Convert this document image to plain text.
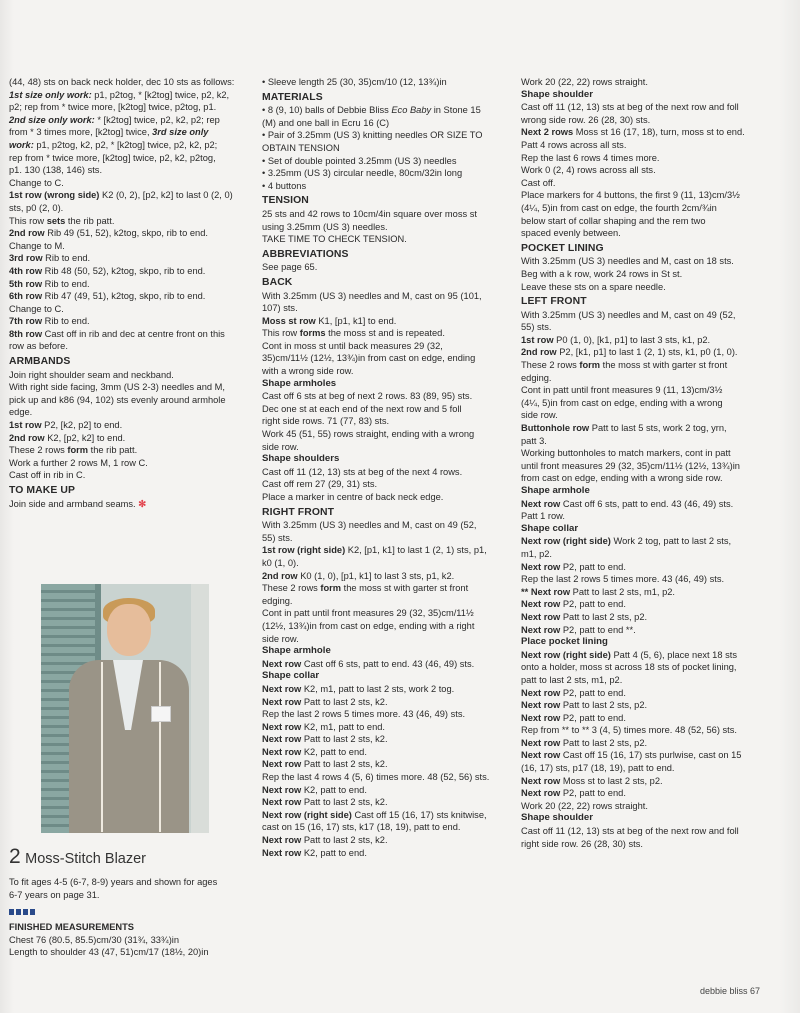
(44, 48) sts on back neck holder, dec 10 sts as follows:

1st size only work: p1, p2tog, * [k2tog] twice, p2, k2,

p2; rep from * twice more, [k2tog] twice, p2tog, p1.

2nd size only work: * [k2tog] twice, p2, k2, p2; rep

from * 3 times more, [k2tog] twice, 3rd size only

work: p1, p2tog, k2, p2, * [k2tog] twice, p2, k2, p2;

rep from * twice more, [k2tog] twice, p2, k2, p2tog,

p1. 130 (138, 146) sts.

Change to C.

1st row (wrong side) K2 (0, 2), [p2, k2] to last 0 (2, 0)

sts, p0 (2, 0).

This row sets the rib patt.

2nd row Rib 49 (51, 52), k2tog, skpo, rib to end.

Change to M.

3rd row Rib to end.

4th row Rib 48 (50, 52), k2tog, skpo, rib to end.

5th row Rib to end.

6th row Rib 47 (49, 51), k2tog, skpo, rib to end.

Change to C.

7th row Rib to end.

8th row Cast off in rib and dec at centre front on this

row as before.

ARMBANDS

Join right shoulder seam and neckband.

With right side facing, 3mm (US 2-3) needles and M,

pick up and k86 (94, 102) sts evenly around armhole

edge.

1st row P2, [k2, p2] to end.

2nd row K2, [p2, k2] to end.

These 2 rows form the rib patt.

Work a further 2 rows M, 1 row C.

Cast off in rib in C.

TO MAKE UP

Join side and armband seams. ✻

2 Moss-Stitch Blazer

To fit ages 4-5 (6-7, 8-9) years and shown for ages

6-7 years on page 31.

FINISHED MEASUREMENTS

Chest 76 (80.5, 85.5)cm/30 (31¾, 33¾)in

Length to shoulder 43 (47, 51)cm/17 (18½, 20)in

• Sleeve length 25 (30, 35)cm/10 (12, 13¾)in

MATERIALS

• 8 (9, 10) balls of Debbie Bliss Eco Baby in Stone 15

(M) and one ball in Ecru 16 (C)

• Pair of 3.25mm (US 3) knitting needles OR SIZE TO

OBTAIN TENSION

• Set of double pointed 3.25mm (US 3) needles

• 3.25mm (US 3) circular needle, 80cm/32in long

• 4 buttons

TENSION

25 sts and 42 rows to 10cm/4in square over moss st

using 3.25mm (US 3) needles.

TAKE TIME TO CHECK TENSION.

ABBREVIATIONS

See page 65.

BACK

With 3.25mm (US 3) needles and M, cast on 95 (101,

107) sts.

Moss st row K1, [p1, k1] to end.

This row forms the moss st and is repeated.

Cont in moss st until back measures 29 (32,

35)cm/11½ (12½, 13¾)in from cast on edge, ending

with a wrong side row.

Shape armholes

Cast off 6 sts at beg of next 2 rows. 83 (89, 95) sts.

Dec one st at each end of the next row and 5 foll

right side rows. 71 (77, 83) sts.

Work 45 (51, 55) rows straight, ending with a wrong

side row.

Shape shoulders

Cast off 11 (12, 13) sts at beg of the next 4 rows.

Cast off rem 27 (29, 31) sts.

Place a marker in centre of back neck edge.

RIGHT FRONT

With 3.25mm (US 3) needles and M, cast on 49 (52,

55) sts.

1st row (right side) K2, [p1, k1] to last 1 (2, 1) sts, p1,

k0 (1, 0).

2nd row K0 (1, 0), [p1, k1] to last 3 sts, p1, k2.

These 2 rows form the moss st with garter st front

edging.

Cont in patt until front measures 29 (32, 35)cm/11½

(12½, 13¾)in from cast on edge, ending with a right

side row.

Shape armhole

Next row Cast off 6 sts, patt to end. 43 (46, 49) sts.

Shape collar

Next row K2, m1, patt to last 2 sts, work 2 tog.

Next row Patt to last 2 sts, k2.

Rep the last 2 rows 5 times more. 43 (46, 49) sts.

Next row K2, m1, patt to end.

Next row Patt to last 2 sts, k2.

Next row K2, patt to end.

Next row Patt to last 2 sts, k2.

Rep the last 4 rows 4 (5, 6) times more. 48 (52, 56) sts.

Next row K2, patt to end.

Next row Patt to last 2 sts, k2.

Next row (right side) Cast off 15 (16, 17) sts knitwise,

cast on 15 (16, 17) sts, k17 (18, 19), patt to end.

Next row Patt to last 2 sts, k2.

Next row K2, patt to end.

Work 20 (22, 22) rows straight.

Shape shoulder

Cast off 11 (12, 13) sts at beg of the next row and foll

wrong side row. 26 (28, 30) sts.

Next 2 rows Moss st 16 (17, 18), turn, moss st to end.

Patt 4 rows across all sts.

Rep the last 6 rows 4 times more.

Work 0 (2, 4) rows across all sts.

Cast off.

Place markers for 4 buttons, the first 9 (11, 13)cm/3½

(4¼, 5)in from cast on edge, the fourth 2cm/¾in

below start of collar shaping and the rem two

spaced evenly between.

POCKET LINING

With 3.25mm (US 3) needles and M, cast on 18 sts.

Beg with a k row, work 24 rows in St st.

Leave these sts on a spare needle.

LEFT FRONT

With 3.25mm (US 3) needles and M, cast on 49 (52,

55) sts.

1st row P0 (1, 0), [k1, p1] to last 3 sts, k1, p2.

2nd row P2, [k1, p1] to last 1 (2, 1) sts, k1, p0 (1, 0).

These 2 rows form the moss st with garter st front

edging.

Cont in patt until front measures 9 (11, 13)cm/3½

(4¼, 5)in from cast on edge, ending with a wrong

side row.

Buttonhole row Patt to last 5 sts, work 2 tog, yrn,

patt 3.

Working buttonholes to match markers, cont in patt

until front measures 29 (32, 35)cm/11½ (12½, 13¾)in

from cast on edge, ending with a wrong side row.

Shape armhole

Next row Cast off 6 sts, patt to end. 43 (46, 49) sts.

Patt 1 row.

Shape collar

Next row (right side) Work 2 tog, patt to last 2 sts,

m1, p2.

Next row P2, patt to end.

Rep the last 2 rows 5 times more. 43 (46, 49) sts.

** Next row Patt to last 2 sts, m1, p2.

Next row P2, patt to end.

Next row Patt to last 2 sts, p2.

Next row P2, patt to end **.

Place pocket lining

Next row (right side) Patt 4 (5, 6), place next 18 sts

onto a holder, moss st across 18 sts of pocket lining,

patt to last 2 sts, m1, p2.

Next row P2, patt to end.

Next row Patt to last 2 sts, p2.

Next row P2, patt to end.

Rep from ** to ** 3 (4, 5) times more. 48 (52, 56) sts.

Next row Patt to last 2 sts, p2.

Next row Cast off 15 (16, 17) sts purlwise, cast on 15

(16, 17) sts, p17 (18, 19), patt to end.

Next row Moss st to last 2 sts, p2.

Next row P2, patt to end.

Work 20 (22, 22) rows straight.

Shape shoulder

Cast off 11 (12, 13) sts at beg of the next row and foll

right side row. 26 (28, 30) sts.

debbie bliss 67
